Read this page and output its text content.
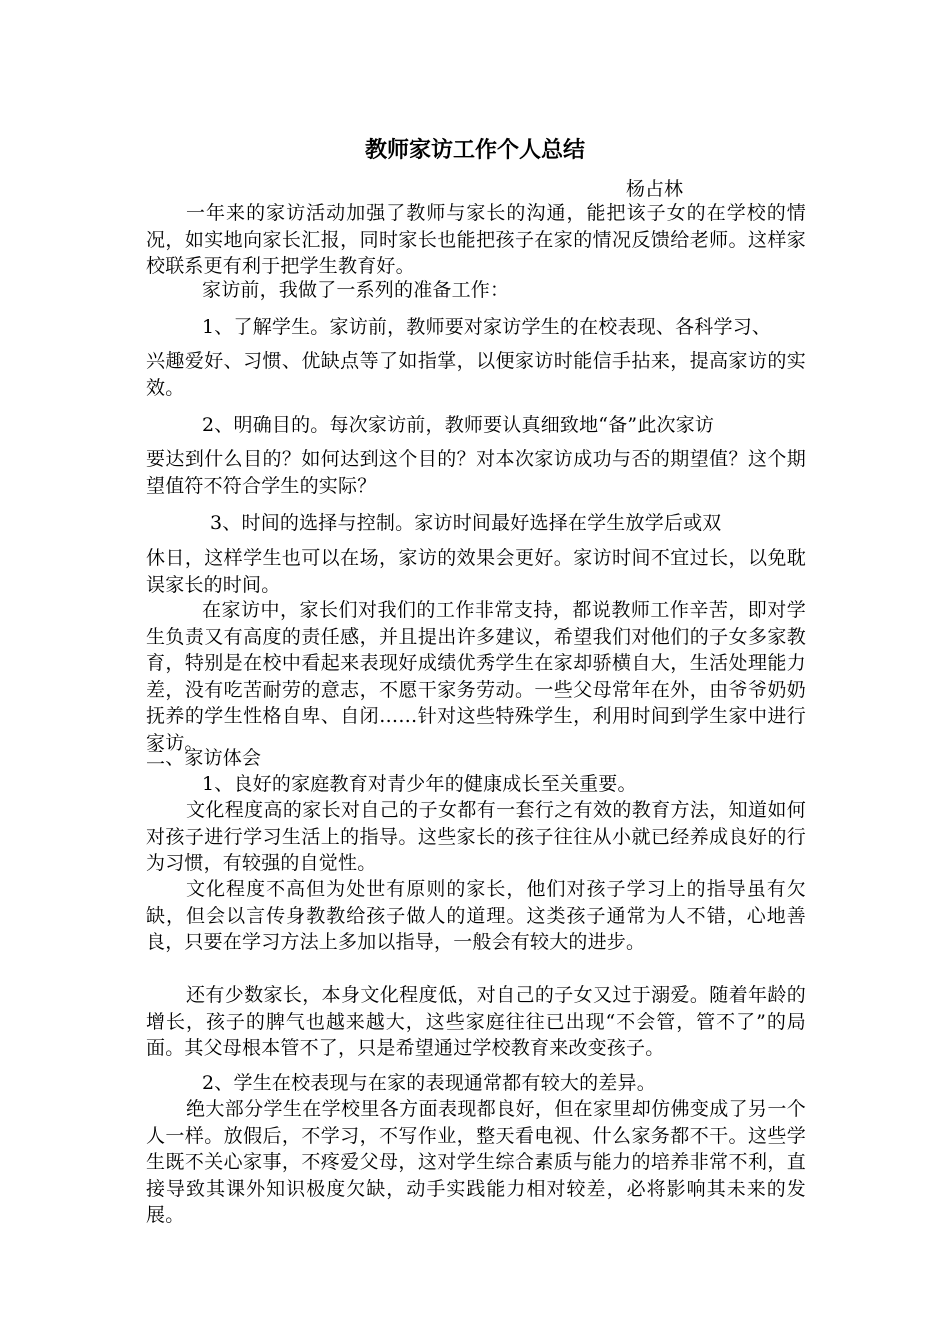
教师家访工作个人总结
杨占林
一年来的家访活动加强了教师与家长的沟通，能把该子女的在学校的情况，如实地向家长汇报，同时家长也能把孩子在家的情况反馈给老师。这样家校联系更有利于把学生教育好。
家访前，我做了一系列的准备工作：
1、了解学生。家访前，教师要对家访学生的在校表现、各科学习、
兴趣爱好、习惯、优缺点等了如指掌，以便家访时能信手拈来，提高家访的实效。
2、明确目的。每次家访前，教师要认真细致地“备”此次家访
要达到什么目的？如何达到这个目的？对本次家访成功与否的期望值？这个期望值符不符合学生的实际？
3、时间的选择与控制。家访时间最好选择在学生放学后或双
休日，这样学生也可以在场，家访的效果会更好。家访时间不宜过长，以免耽误家长的时间。
在家访中，家长们对我们的工作非常支持，都说教师工作辛苦，即对学生负责又有高度的责任感，并且提出许多建议，希望我们对他们的子女多家教育，特别是在校中看起来表现好成绩优秀学生在家却骄横自大，生活处理能力差，没有吃苦耐劳的意志，不愿干家务劳动。一些父母常年在外，由爷爷奶奶抚养的学生性格自卑、自闭……针对这些特殊学生，利用时间到学生家中进行家访。
二、家访体会
1、良好的家庭教育对青少年的健康成长至关重要。
文化程度高的家长对自己的子女都有一套行之有效的教育方法，知道如何对孩子进行学习生活上的指导。这些家长的孩子往往从小就已经养成良好的行为习惯，有较强的自觉性。
文化程度不高但为处世有原则的家长，他们对孩子学习上的指导虽有欠缺，但会以言传身教教给孩子做人的道理。这类孩子通常为人不错，心地善良，只要在学习方法上多加以指导，一般会有较大的进步。
还有少数家长，本身文化程度低，对自己的子女又过于溺爱。随着年龄的增长，孩子的脾气也越来越大，这些家庭往往已出现“不会管，管不了”的局面。其父母根本管不了，只是希望通过学校教育来改变孩子。
2、学生在校表现与在家的表现通常都有较大的差异。
绝大部分学生在学校里各方面表现都良好，但在家里却仿佛变成了另一个人一样。放假后，不学习，不写作业，整天看电视、什么家务都不干。这些学生既不关心家事，不疼爱父母，这对学生综合素质与能力的培养非常不利，直接导致其课外知识极度欠缺，动手实践能力相对较差，必将影响其未来的发展。
